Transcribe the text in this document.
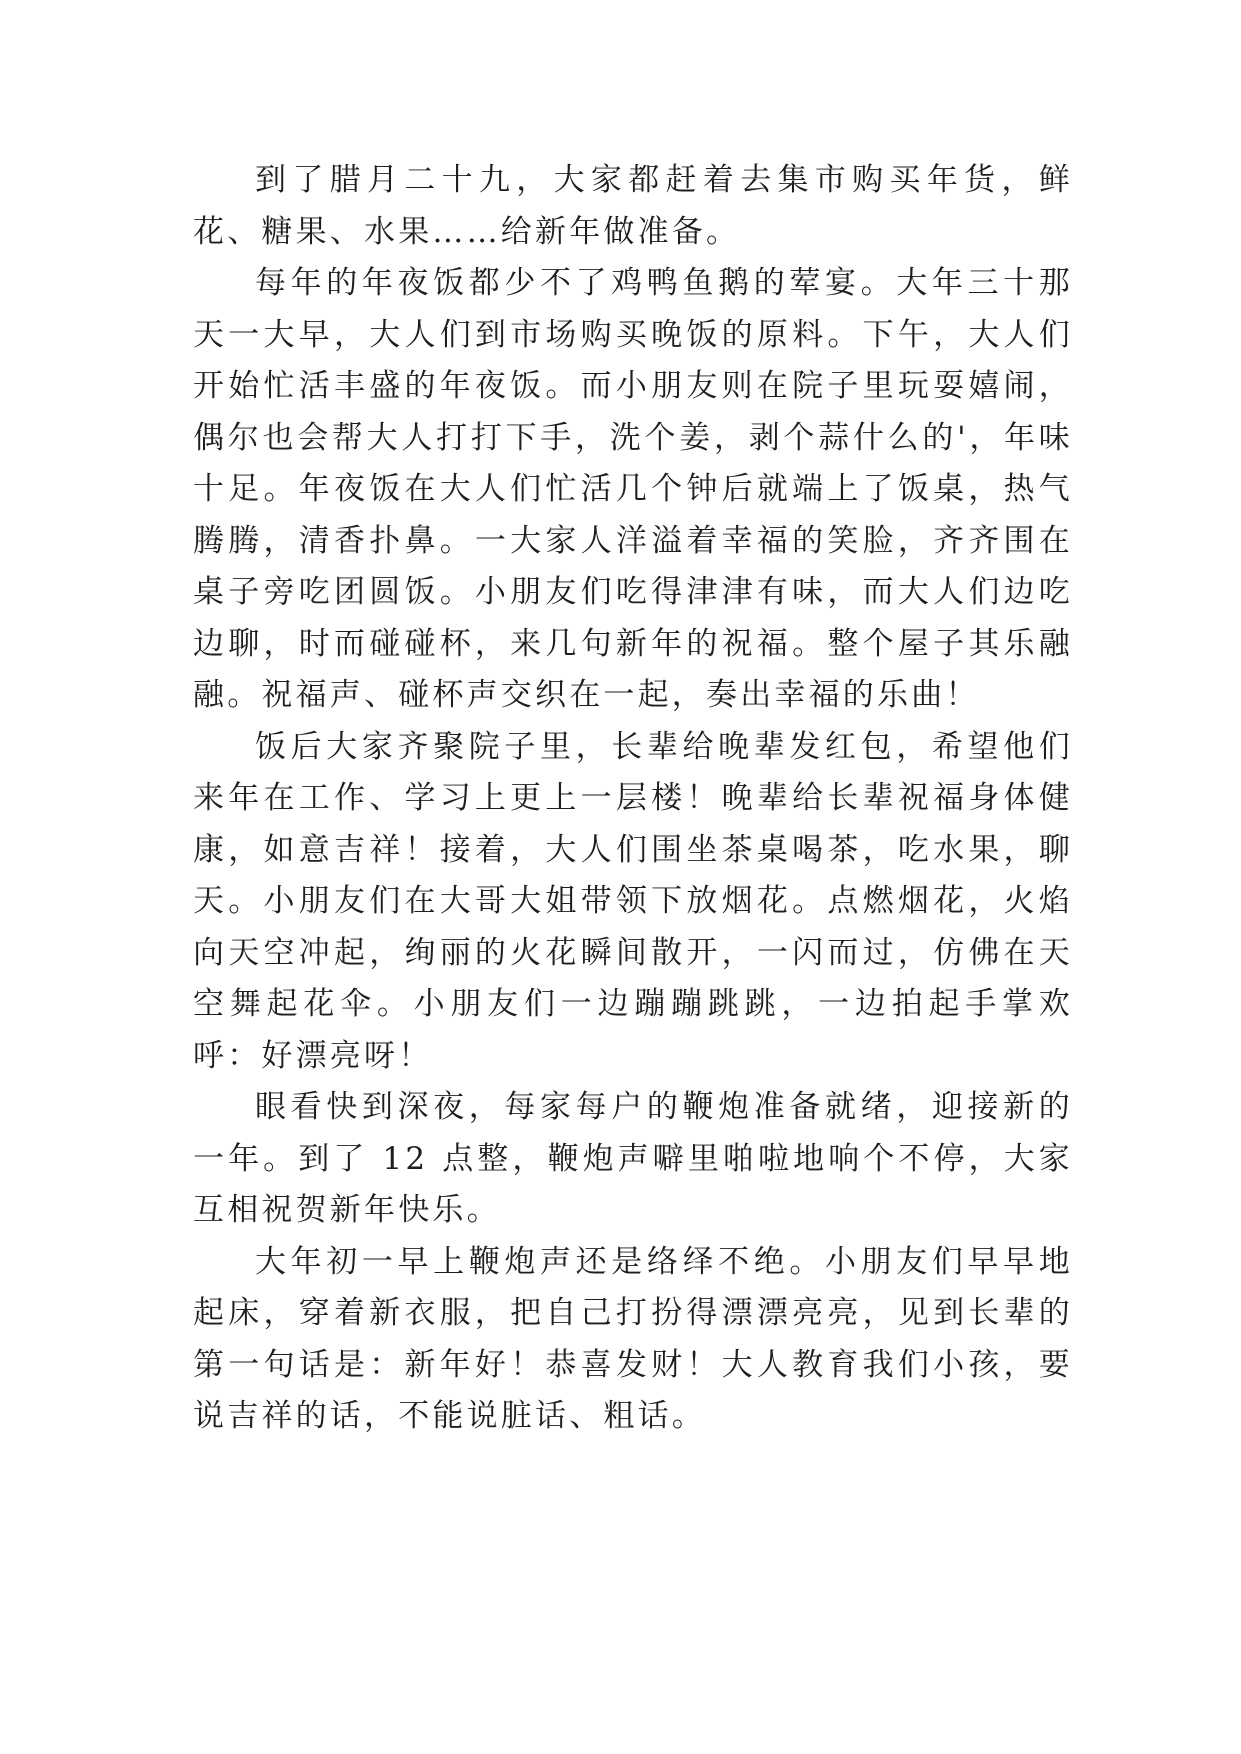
到了腊月二十九，大家都赶着去集市购买年货，鲜花、糖果、水果……给新年做准备。

每年的年夜饭都少不了鸡鸭鱼鹅的荤宴。大年三十那天一大早，大人们到市场购买晚饭的原料。下午，大人们开始忙活丰盛的年夜饭。而小朋友则在院子里玩耍嬉闹，偶尔也会帮大人打打下手，洗个姜，剥个蒜什么的'，年味十足。年夜饭在大人们忙活几个钟后就端上了饭桌，热气腾腾，清香扑鼻。一大家人洋溢着幸福的笑脸，齐齐围在桌子旁吃团圆饭。小朋友们吃得津津有味，而大人们边吃边聊，时而碰碰杯，来几句新年的祝福。整个屋子其乐融融。祝福声、碰杯声交织在一起，奏出幸福的乐曲！

饭后大家齐聚院子里，长辈给晚辈发红包，希望他们来年在工作、学习上更上一层楼！晚辈给长辈祝福身体健康，如意吉祥！接着，大人们围坐茶桌喝茶，吃水果，聊天。小朋友们在大哥大姐带领下放烟花。点燃烟花，火焰向天空冲起，绚丽的火花瞬间散开，一闪而过，仿佛在天空舞起花伞。小朋友们一边蹦蹦跳跳，一边拍起手掌欢呼：好漂亮呀！

眼看快到深夜，每家每户的鞭炮准备就绪，迎接新的一年。到了 12 点整，鞭炮声噼里啪啦地响个不停，大家互相祝贺新年快乐。

大年初一早上鞭炮声还是络绎不绝。小朋友们早早地起床，穿着新衣服，把自己打扮得漂漂亮亮，见到长辈的第一句话是：新年好！恭喜发财！大人教育我们小孩，要说吉祥的话，不能说脏话、粗话。
